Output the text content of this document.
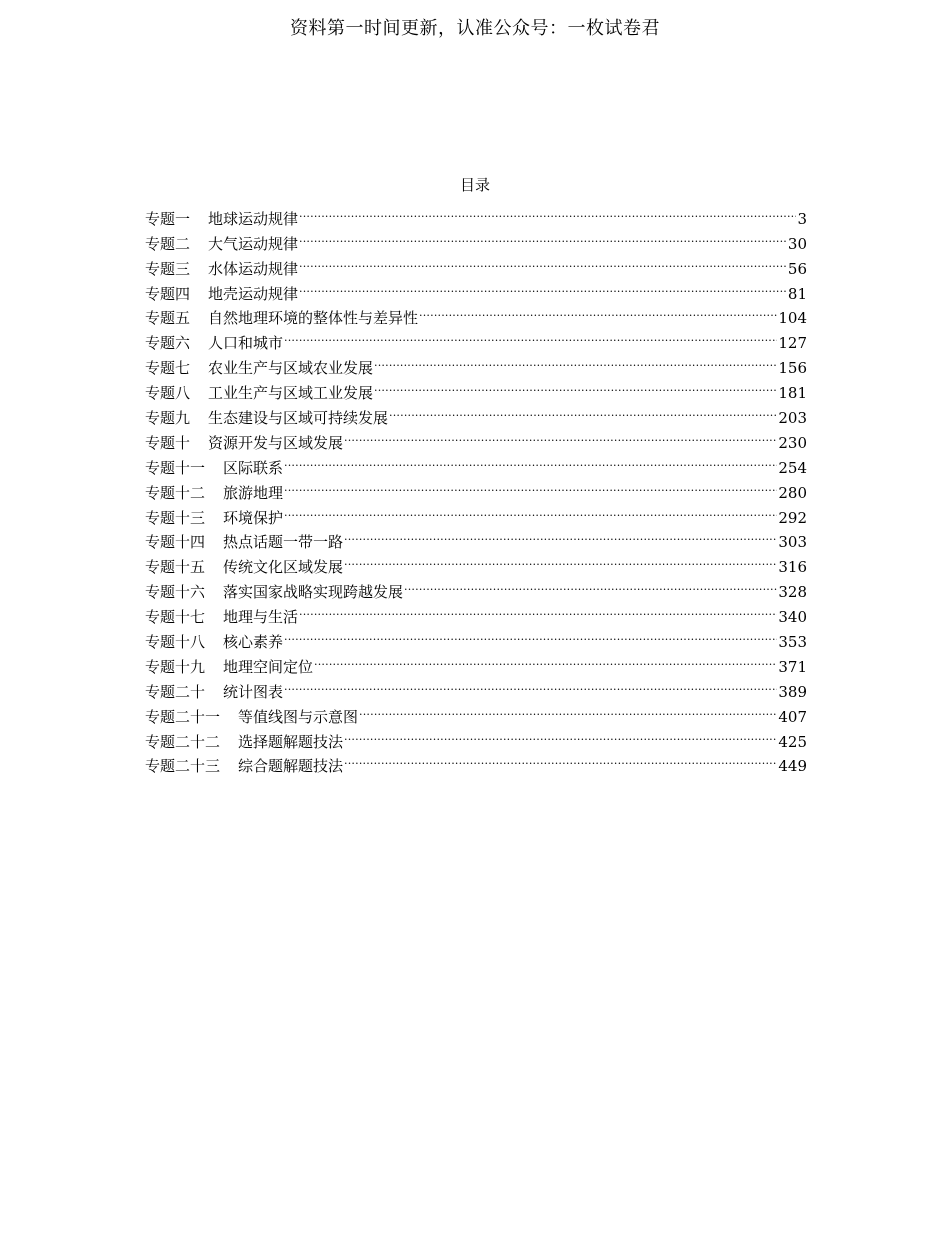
资料第一时间更新，认准公众号：一枚试卷君
目录
专题一 地球运动规律 .....	3
专题二 大气运动规律 .....	30
专题三 水体运动规律 .....	56
专题四 地壳运动规律 .....	81
专题五 自然地理环境的整体性与差异性 .....	104
专题六 人口和城市 .....	127
专题七 农业生产与区域农业发展 .....	156
专题八 工业生产与区域工业发展 .....	181
专题九 生态建设与区域可持续发展 .....	203
专题十 资源开发与区域发展 .....	230
专题十一 区际联系 .....	254
专题十二 旅游地理 .....	280
专题十三 环境保护 .....	292
专题十四 热点话题一带一路 .....	303
专题十五 传统文化区域发展 .....	316
专题十六 落实国家战略实现跨越发展 .....	328
专题十七 地理与生活 .....	340
专题十八 核心素养 .....	353
专题十九 地理空间定位 .....	371
专题二十 统计图表 .....	389
专题二十一 等值线图与示意图 .....	407
专题二十二 选择题解题技法 .....	425
专题二十三 综合题解题技法 .....	449
